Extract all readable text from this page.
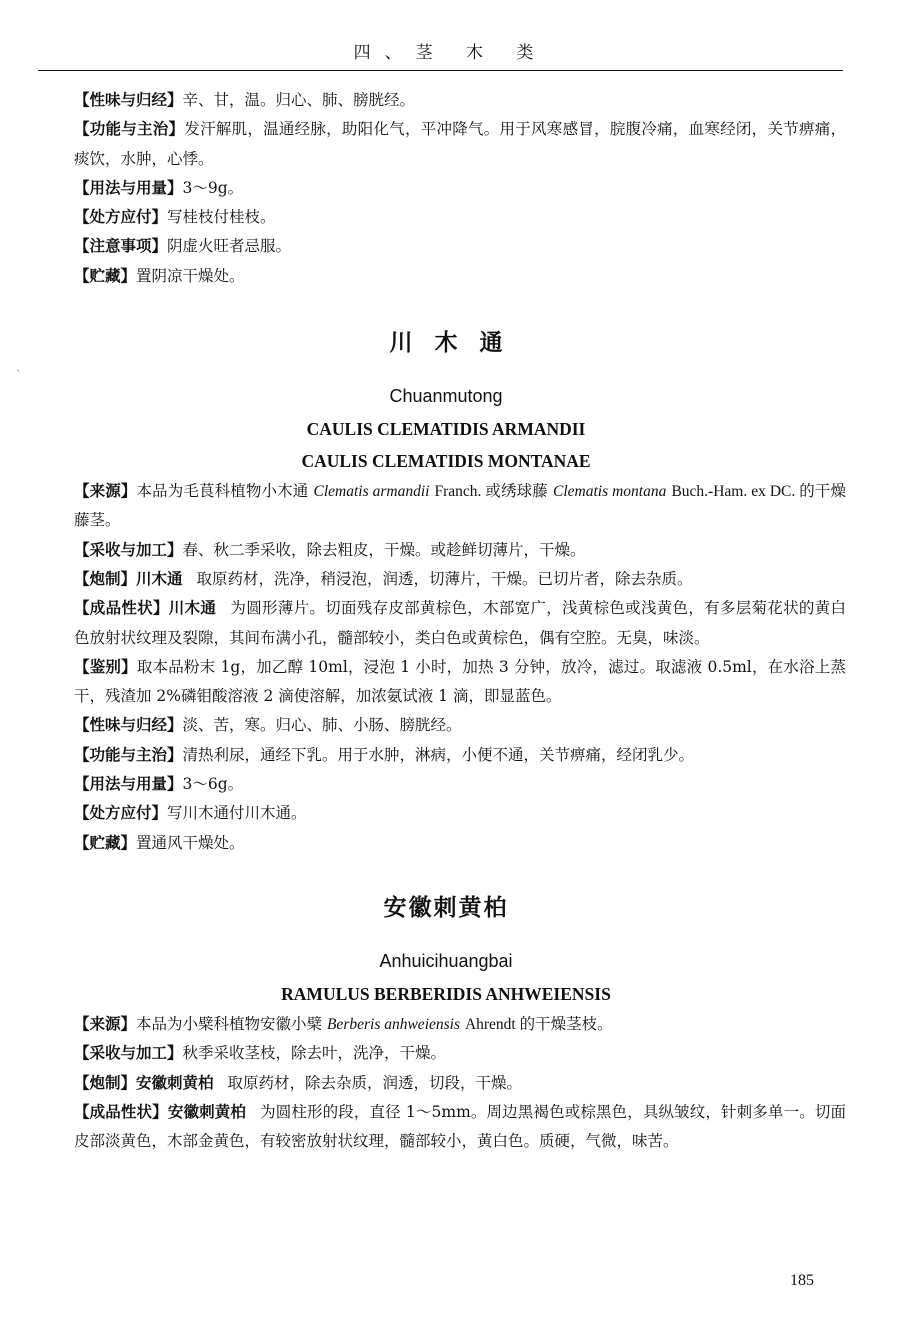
四、茎 木 类
`

【性味与归经】辛、甘，温。归心、肺、膀胱经。

【功能与主治】发汗解肌，温通经脉，助阳化气，平冲降气。用于风寒感冒，脘腹冷痛，血寒经闭，关节痹痛，痰饮，水肿，心悸。

【用法与用量】3～9g。

【处方应付】写桂枝付桂枝。

【注意事项】阴虚火旺者忌服。

【贮藏】置阴凉干燥处。

川木通

Chuanmutong

CAULIS CLEMATIDIS ARMANDII

CAULIS CLEMATIDIS MONTANAE

【来源】本品为毛茛科植物小木通 Clematis armandii Franch. 或绣球藤 Clematis montana Buch.-Ham. ex DC. 的干燥藤茎。

【采收与加工】春、秋二季采收，除去粗皮，干燥。或趁鲜切薄片，干燥。

【炮制】川木通 取原药材，洗净，稍浸泡，润透，切薄片，干燥。已切片者，除去杂质。

【成品性状】川木通 为圆形薄片。切面残存皮部黄棕色，木部宽广，浅黄棕色或浅黄色，有多层菊花状的黄白色放射状纹理及裂隙，其间布满小孔，髓部较小，类白色或黄棕色，偶有空腔。无臭，味淡。

【鉴别】取本品粉末 1g，加乙醇 10ml，浸泡 1 小时，加热 3 分钟，放冷，滤过。取滤液 0.5ml，在水浴上蒸干，残渣加 2%磷钼酸溶液 2 滴使溶解，加浓氨试液 1 滴，即显蓝色。

【性味与归经】淡、苦，寒。归心、肺、小肠、膀胱经。

【功能与主治】清热利尿，通经下乳。用于水肿，淋病，小便不通，关节痹痛，经闭乳少。

【用法与用量】3～6g。

【处方应付】写川木通付川木通。

【贮藏】置通风干燥处。

安徽刺黄柏

Anhuicihuangbai

RAMULUS BERBERIDIS ANHWEIENSIS

【来源】本品为小檗科植物安徽小檗 Berberis anhweiensis Ahrendt 的干燥茎枝。

【采收与加工】秋季采收茎枝，除去叶，洗净，干燥。

【炮制】安徽刺黄柏 取原药材，除去杂质，润透，切段，干燥。

【成品性状】安徽刺黄柏 为圆柱形的段，直径 1～5mm。周边黑褐色或棕黑色，具纵皱纹，针刺多单一。切面皮部淡黄色，木部金黄色，有较密放射状纹理，髓部较小，黄白色。质硬，气微，味苦。

185
